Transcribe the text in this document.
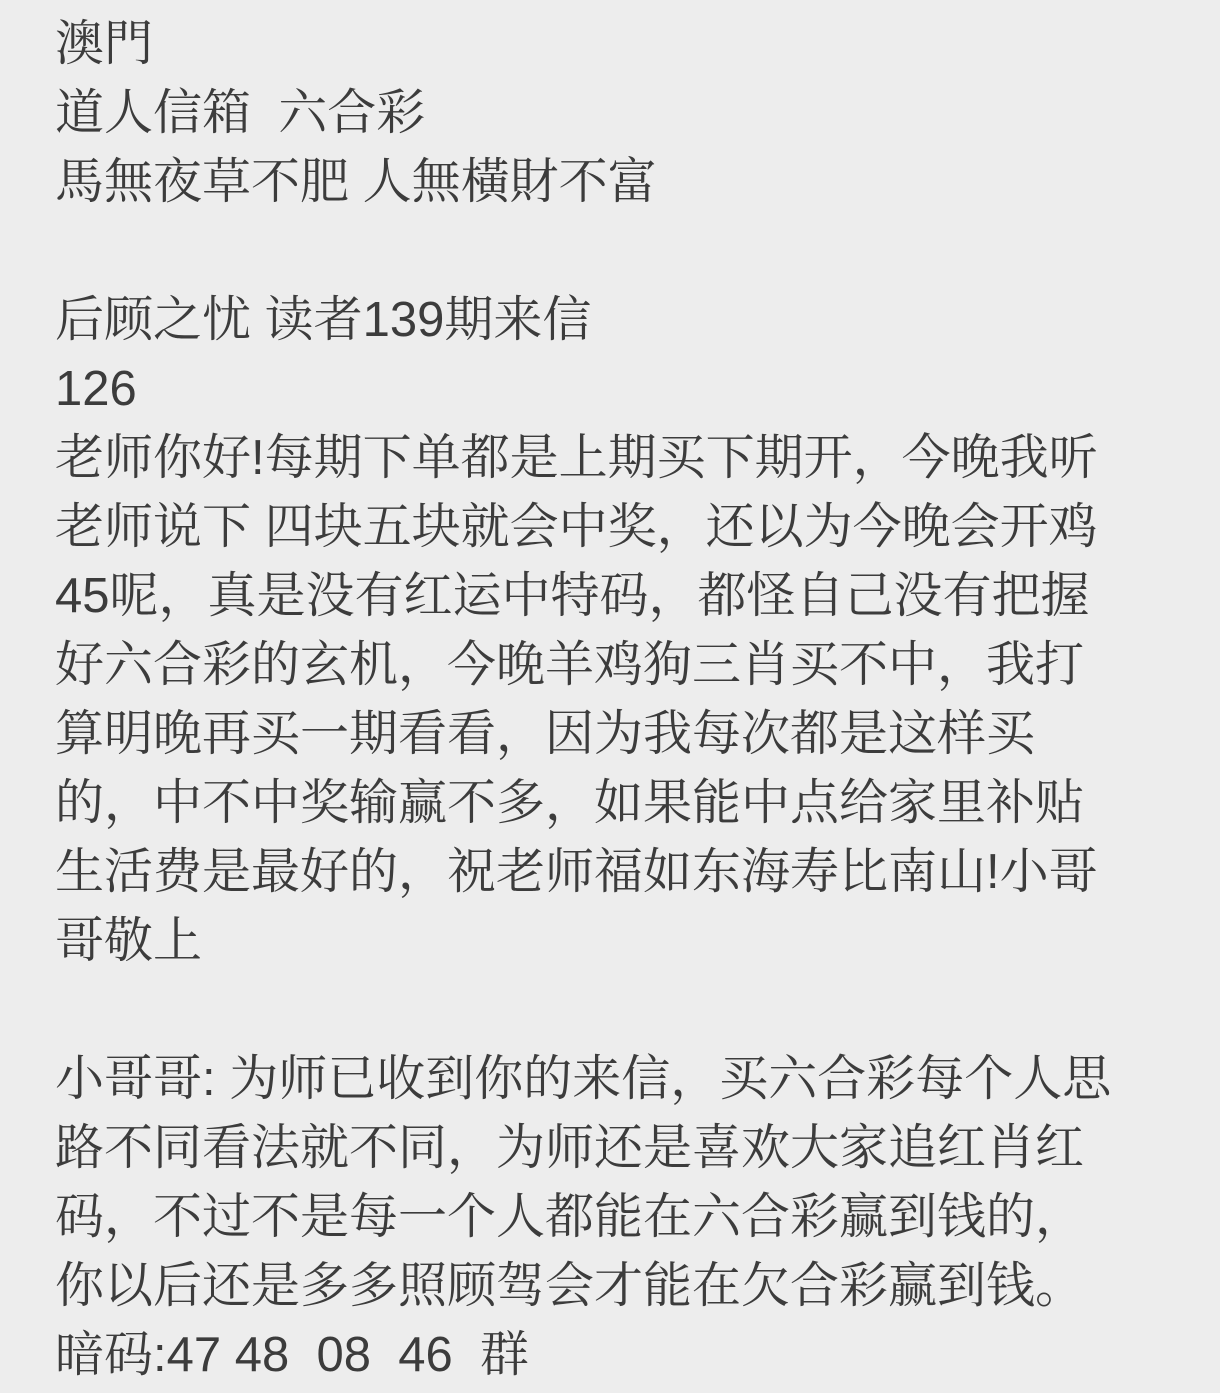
澳門
道人信箱  六合彩
馬無夜草不肥 人無橫財不富
后顾之忧 读者139期来信
126
老师你好!每期下单都是上期买下期开，今晚我听
老师说下 四块五块就会中奖，还以为今晚会开鸡
45呢，真是没有红运中特码，都怪自己没有把握
好六合彩的玄机，今晚羊鸡狗三肖买不中，我打
算明晚再买一期看看，因为我每次都是这样买
的，中不中奖输赢不多，如果能中点给家里补贴
生活费是最好的，祝老师福如东海寿比南山!小哥
哥敬上
小哥哥: 为师已收到你的来信，买六合彩每个人思
路不同看法就不同，为师还是喜欢大家追红肖红
码，不过不是每一个人都能在六合彩赢到钱的，
你以后还是多多照顾驾会才能在欠合彩赢到钱。
暗码:47 48  08  46  群
